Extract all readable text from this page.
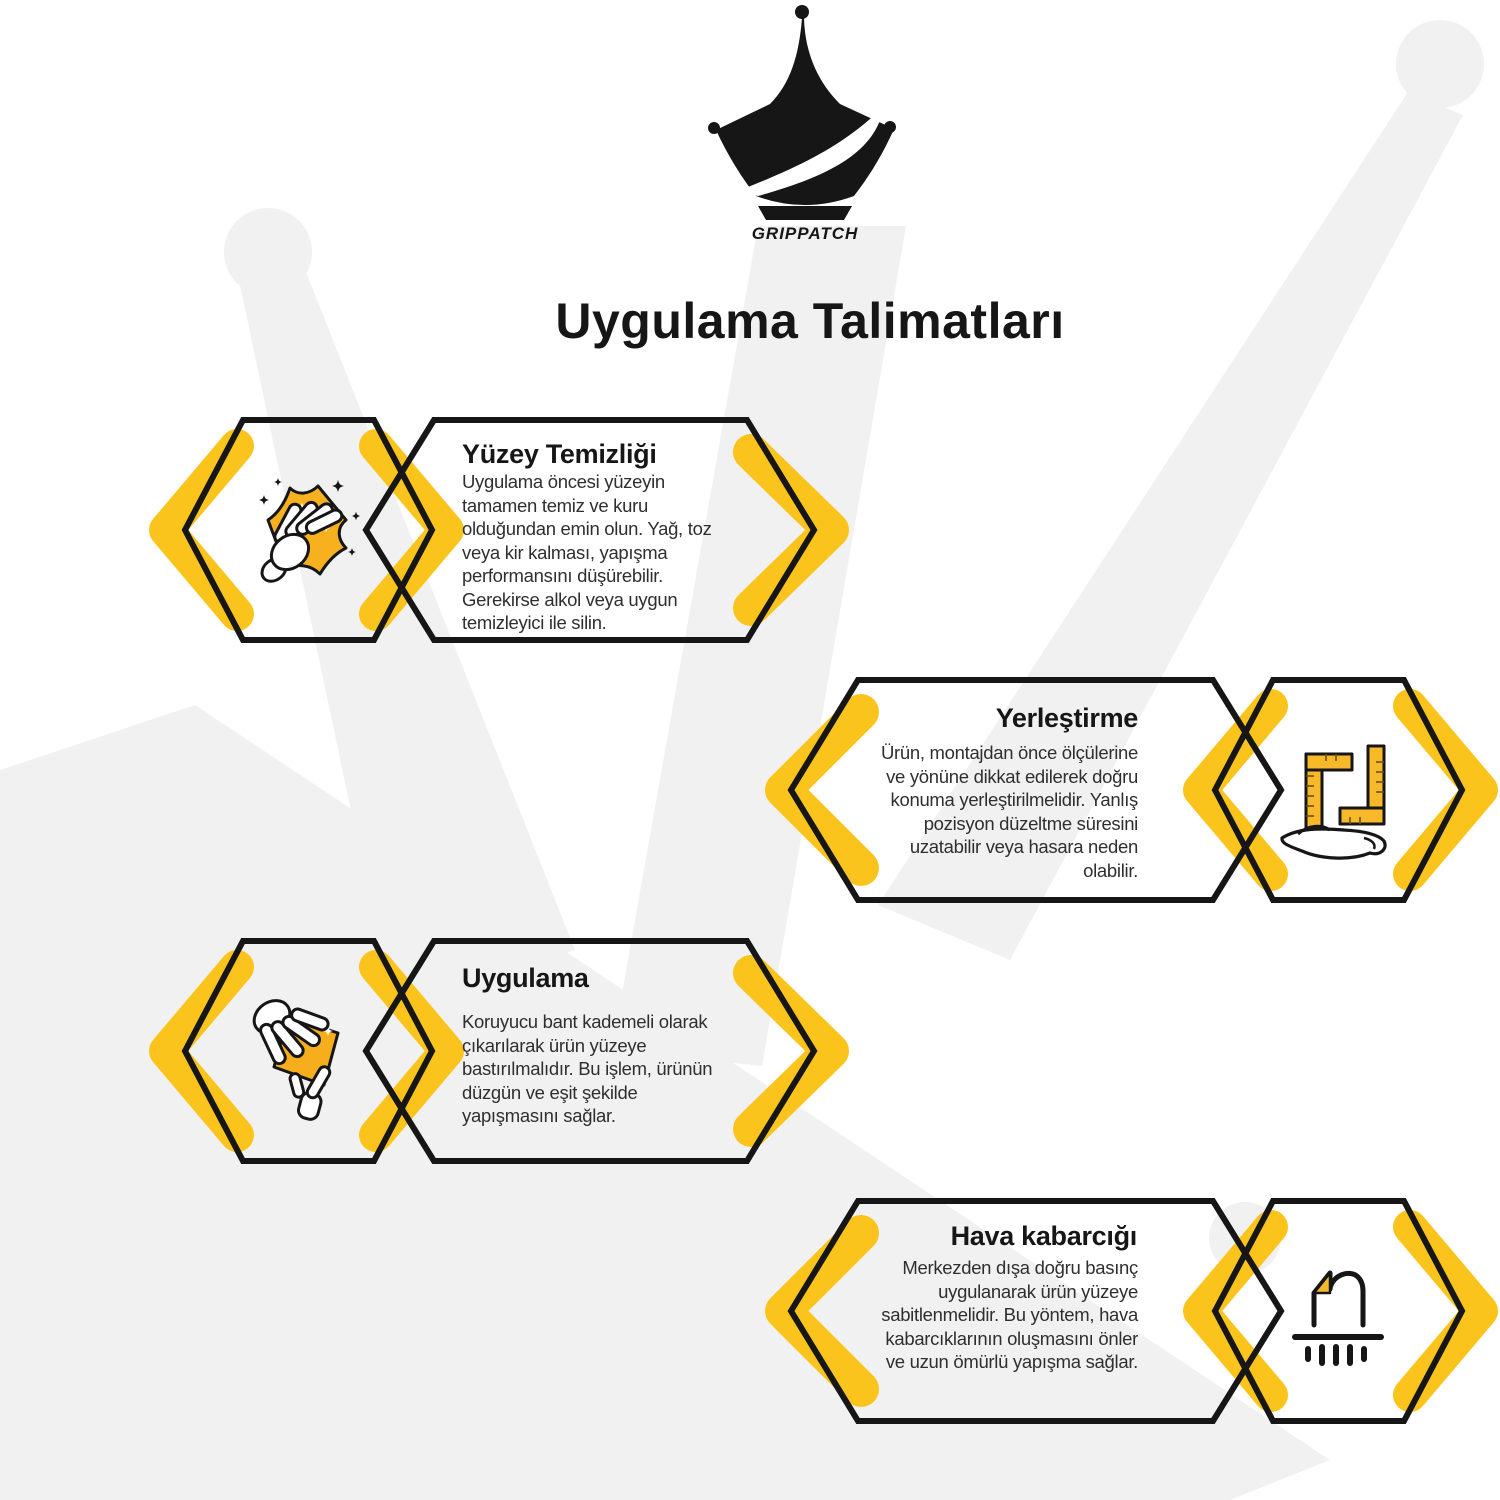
GRIPPATCH
Uygulama Talimatları
Yüzey Temizliği
Uygulama öncesi yüzeyin tamamen temiz ve kuru olduğundan emin olun. Yağ, toz veya kir kalması, yapışma performansını düşürebilir. Gerekirse alkol veya uygun temizleyici ile silin.
Yerleştirme
Ürün, montajdan önce ölçülerine ve yönüne dikkat edilerek doğru konuma yerleştirilmelidir. Yanlış pozisyon düzeltme süresini uzatabilir veya hasara neden olabilir.
Uygulama
Koruyucu bant kademeli olarak çıkarılarak ürün yüzeye bastırılmalıdır. Bu işlem, ürünün düzgün ve eşit şekilde yapışmasını sağlar.
Hava kabarcığı
Merkezden dışa doğru basınç uygulanarak ürün yüzeye sabitlenmelidir. Bu yöntem, hava kabarcıklarının oluşmasını önler ve uzun ömürlü yapışma sağlar.
